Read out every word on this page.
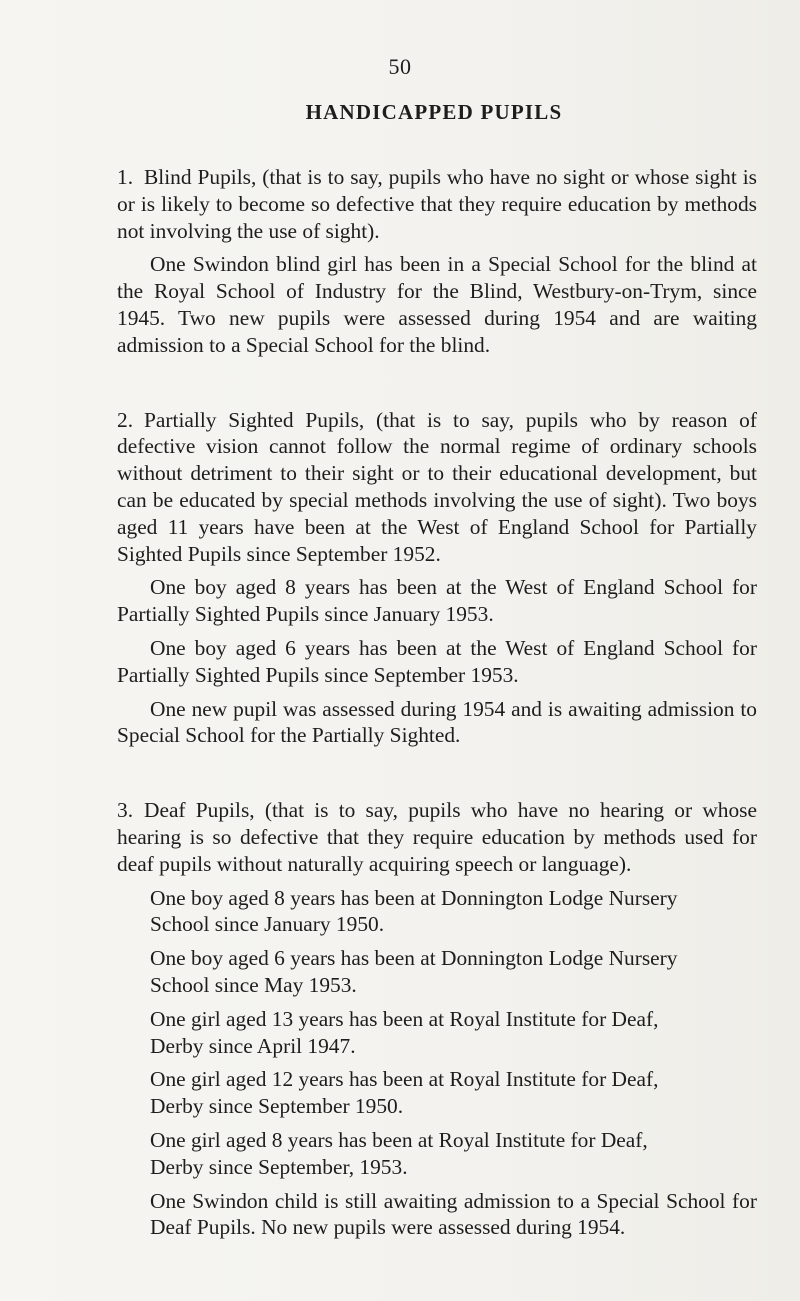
50
HANDICAPPED PUPILS

1. Blind Pupils, (that is to say, pupils who have no sight or whose sight is or is likely to become so defective that they require education by methods not involving the use of sight).

One Swindon blind girl has been in a Special School for the blind at the Royal School of Industry for the Blind, Westbury-on-Trym, since 1945. Two new pupils were assessed during 1954 and are waiting admission to a Special School for the blind.

2. Partially Sighted Pupils, (that is to say, pupils who by reason of defective vision cannot follow the normal regime of ordinary schools without detriment to their sight or to their educational development, but can be educated by special methods involving the use of sight). Two boys aged 11 years have been at the West of England School for Partially Sighted Pupils since September 1952.

One boy aged 8 years has been at the West of England School for Partially Sighted Pupils since January 1953.

One boy aged 6 years has been at the West of England School for Partially Sighted Pupils since September 1953.

One new pupil was assessed during 1954 and is awaiting admission to Special School for the Partially Sighted.

3. Deaf Pupils, (that is to say, pupils who have no hearing or whose hearing is so defective that they require education by methods used for deaf pupils without naturally acquiring speech or language).

One boy aged 8 years has been at Donnington Lodge Nursery
School since January 1950.
One boy aged 6 years has been at Donnington Lodge Nursery
School since May 1953.
One girl aged 13 years has been at Royal Institute for Deaf,
Derby since April 1947.
One girl aged 12 years has been at Royal Institute for Deaf,
Derby since September 1950.
One girl aged 8 years has been at Royal Institute for Deaf,
Derby since September, 1953.

One Swindon child is still awaiting admission to a Special School for Deaf Pupils. No new pupils were assessed during 1954.
